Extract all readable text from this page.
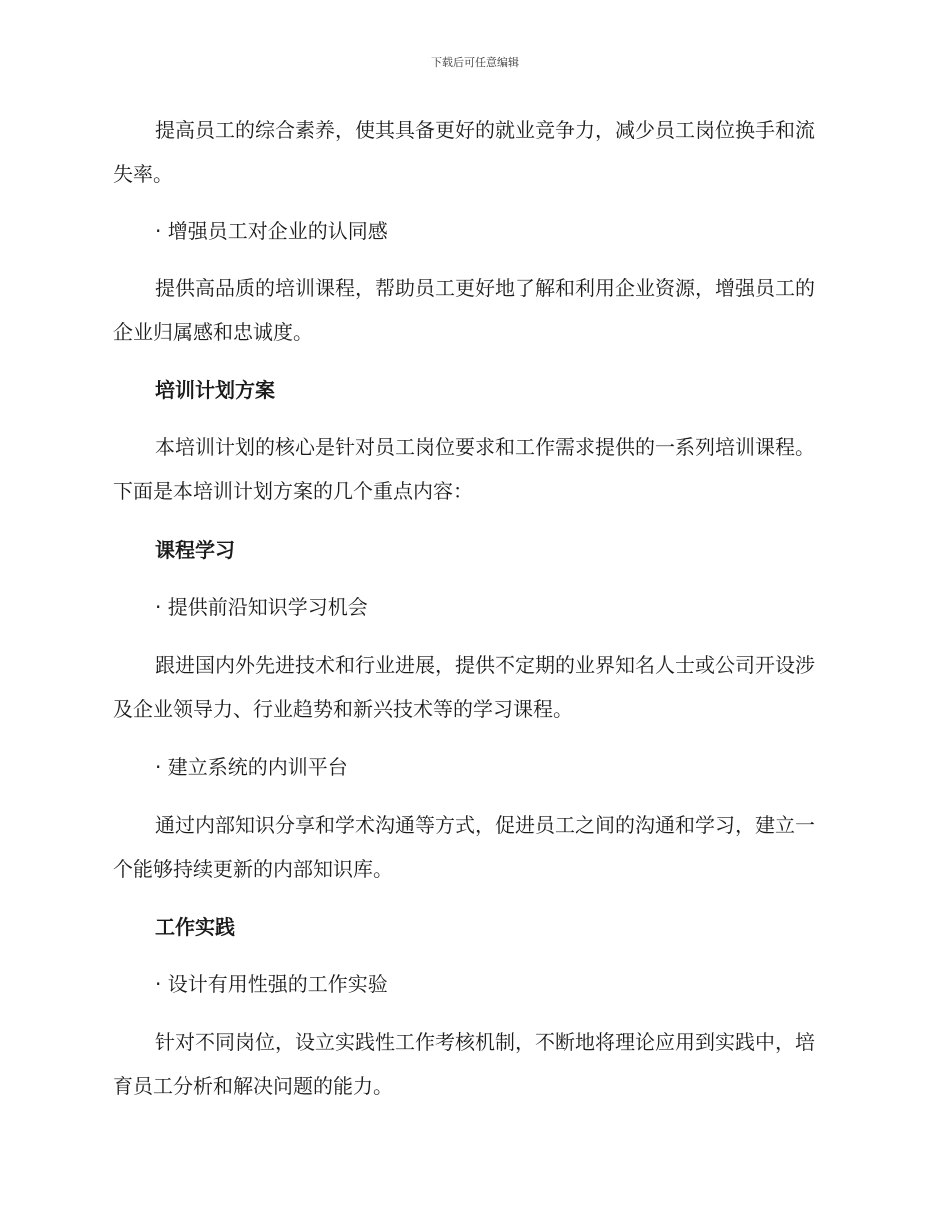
下载后可任意编辑

提高员工的综合素养，使其具备更好的就业竞争力，减少员工岗位换手和流失率。

· 增强员工对企业的认同感

提供高品质的培训课程，帮助员工更好地了解和利用企业资源，增强员工的企业归属感和忠诚度。

培训计划方案

本培训计划的核心是针对员工岗位要求和工作需求提供的一系列培训课程。下面是本培训计划方案的几个重点内容：

课程学习

· 提供前沿知识学习机会

跟进国内外先进技术和行业进展，提供不定期的业界知名人士或公司开设涉及企业领导力、行业趋势和新兴技术等的学习课程。

· 建立系统的内训平台

通过内部知识分享和学术沟通等方式，促进员工之间的沟通和学习，建立一个能够持续更新的内部知识库。

工作实践

· 设计有用性强的工作实验

针对不同岗位，设立实践性工作考核机制，不断地将理论应用到实践中，培育员工分析和解决问题的能力。
